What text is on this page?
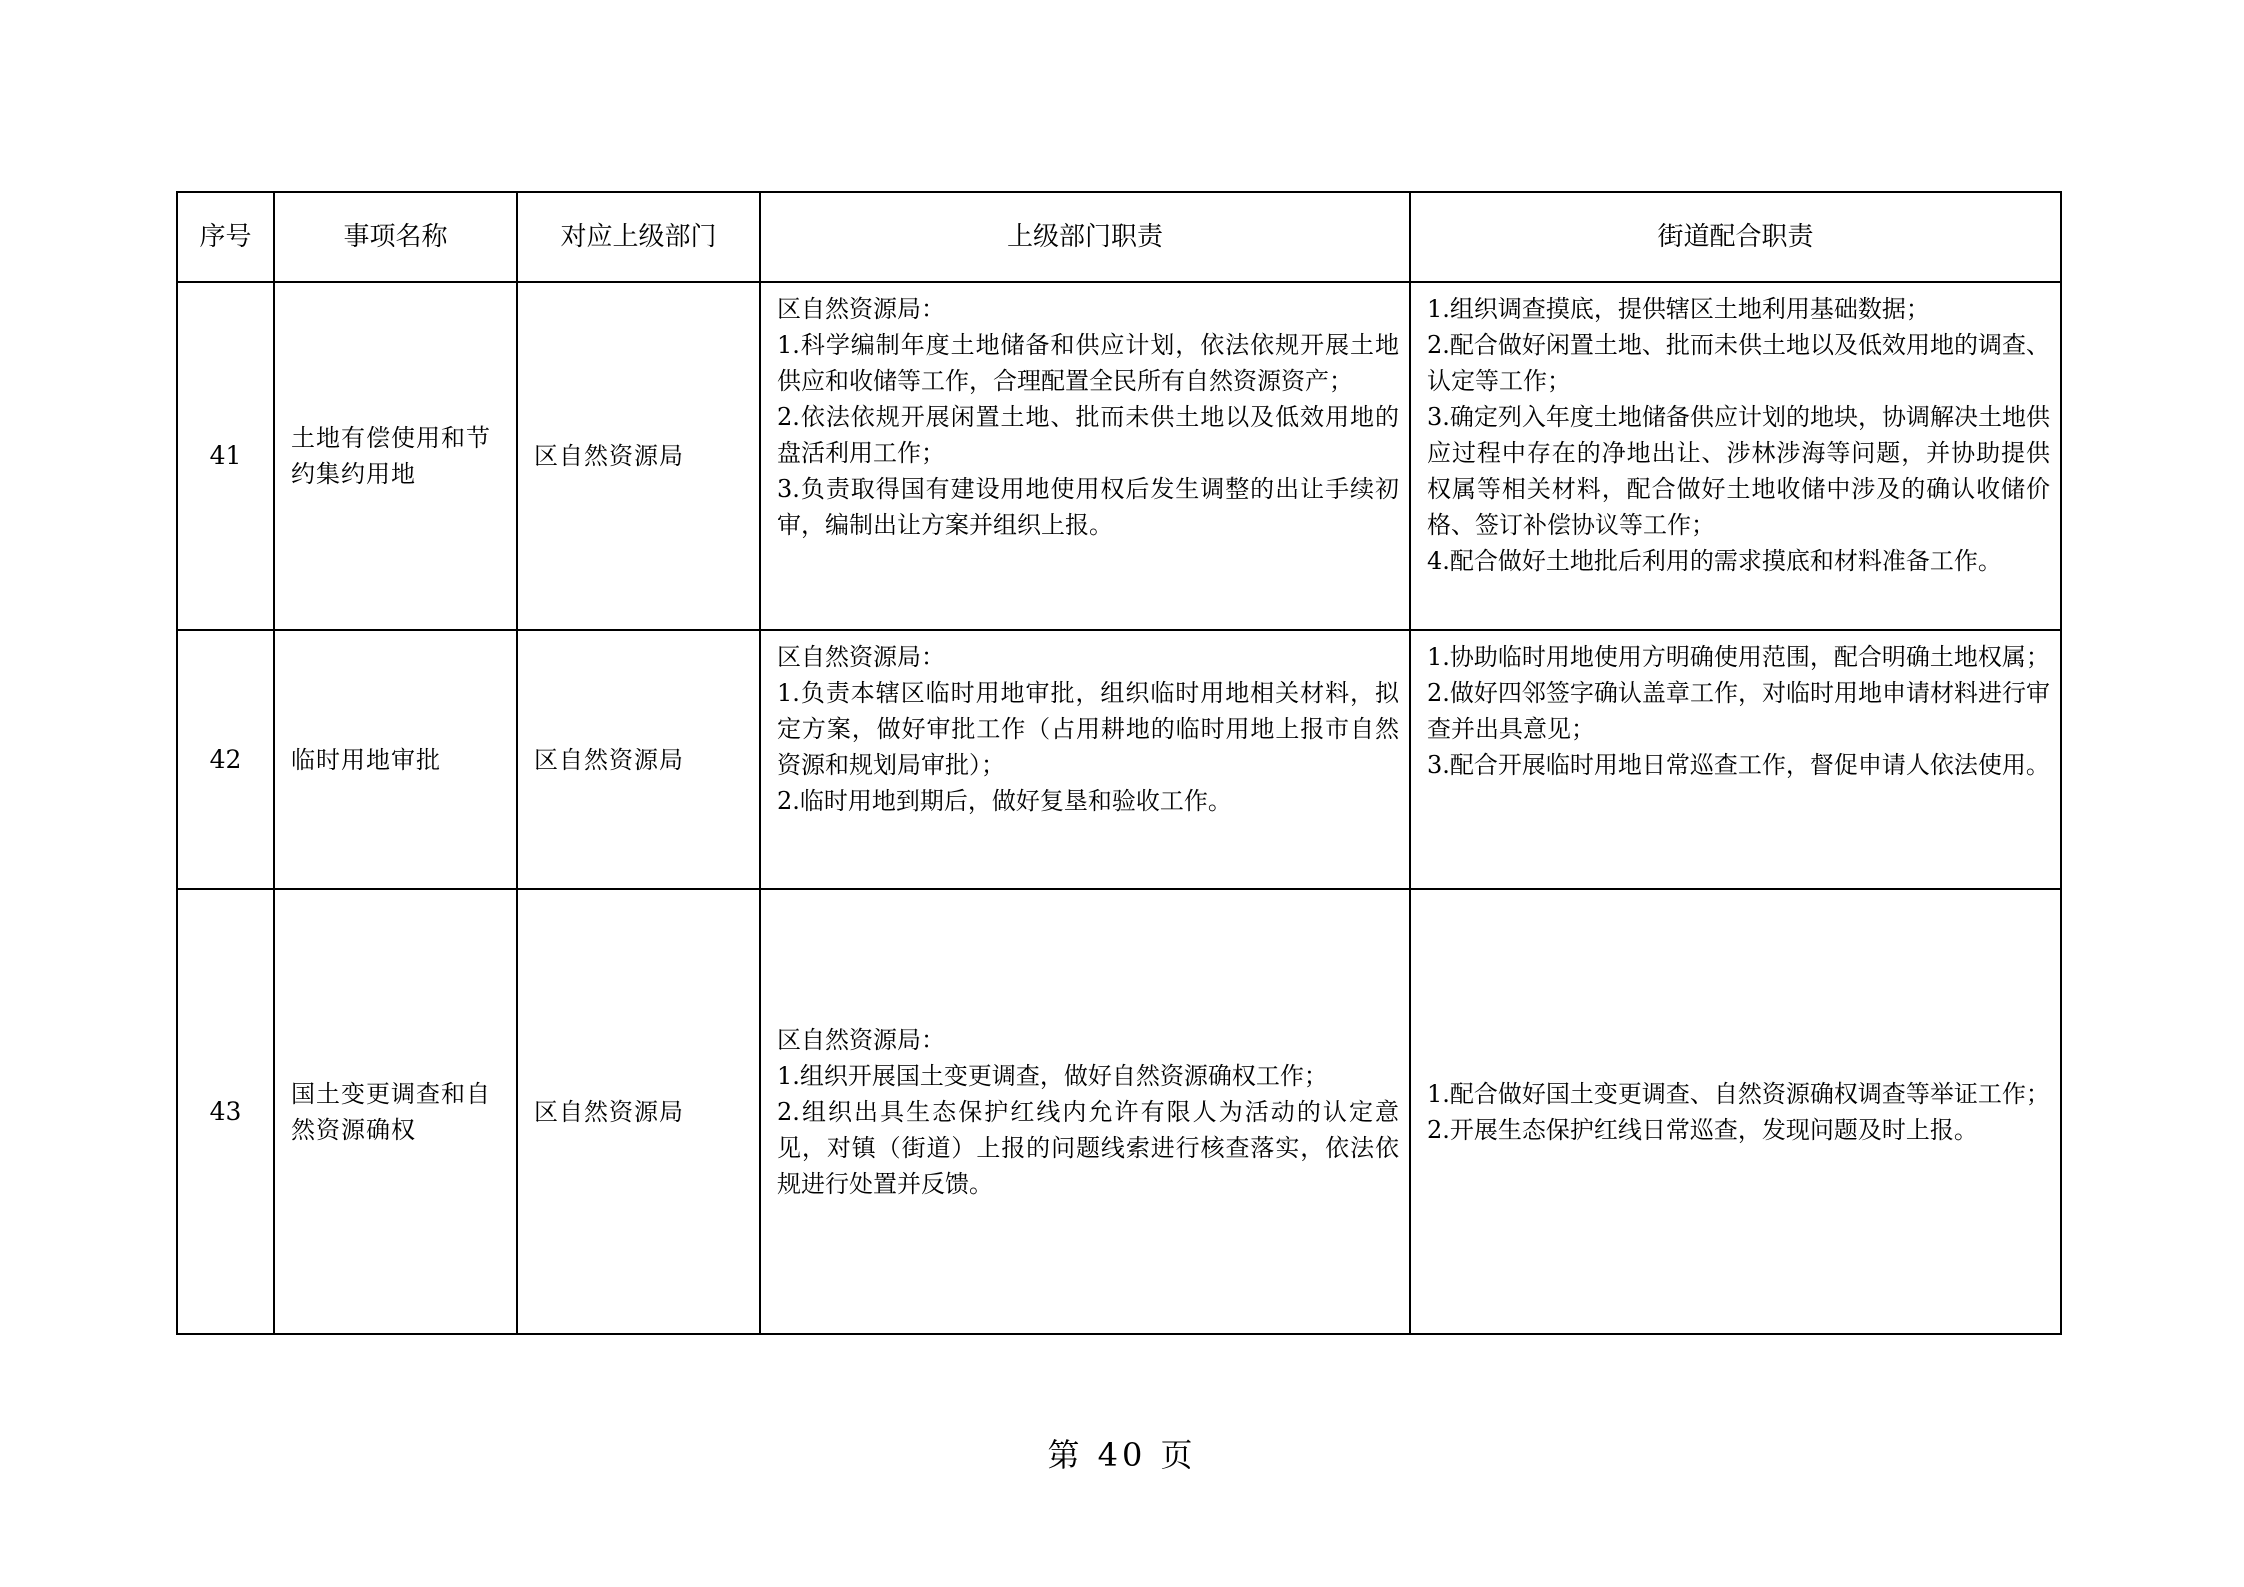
序号	事项名称	对应上级部门	上级部门职责	街道配合职责
41	土地有偿使用和节约集约用地	区自然资源局	区自然资源局：
1.科学编制年度土地储备和供应计划，依法依规开展土地供应和收储等工作，合理配置全民所有自然资源资产；
2.依法依规开展闲置土地、批而未供土地以及低效用地的盘活利用工作；
3.负责取得国有建设用地使用权后发生调整的出让手续初审，编制出让方案并组织上报。	1.组织调查摸底，提供辖区土地利用基础数据；
2.配合做好闲置土地、批而未供土地以及低效用地的调查、认定等工作；
3.确定列入年度土地储备供应计划的地块，协调解决土地供应过程中存在的净地出让、涉林涉海等问题，并协助提供权属等相关材料，配合做好土地收储中涉及的确认收储价格、签订补偿协议等工作；
4.配合做好土地批后利用的需求摸底和材料准备工作。

42	临时用地审批	区自然资源局	区自然资源局：
1.负责本辖区临时用地审批，组织临时用地相关材料，拟定方案，做好审批工作（占用耕地的临时用地上报市自然资源和规划局审批）；
2.临时用地到期后，做好复垦和验收工作。	1.协助临时用地使用方明确使用范围，配合明确土地权属；
2.做好四邻签字确认盖章工作，对临时用地申请材料进行审查并出具意见；
3.配合开展临时用地日常巡查工作，督促申请人依法使用。

43	国土变更调查和自然资源确权	区自然资源局	区自然资源局：
1.组织开展国土变更调查，做好自然资源确权工作；
2.组织出具生态保护红线内允许有限人为活动的认定意见，对镇（街道）上报的问题线索进行核查落实，依法依规进行处置并反馈。	1.配合做好国土变更调查、自然资源确权调查等举证工作；
2.开展生态保护红线日常巡查，发现问题及时上报。
第 40 页
